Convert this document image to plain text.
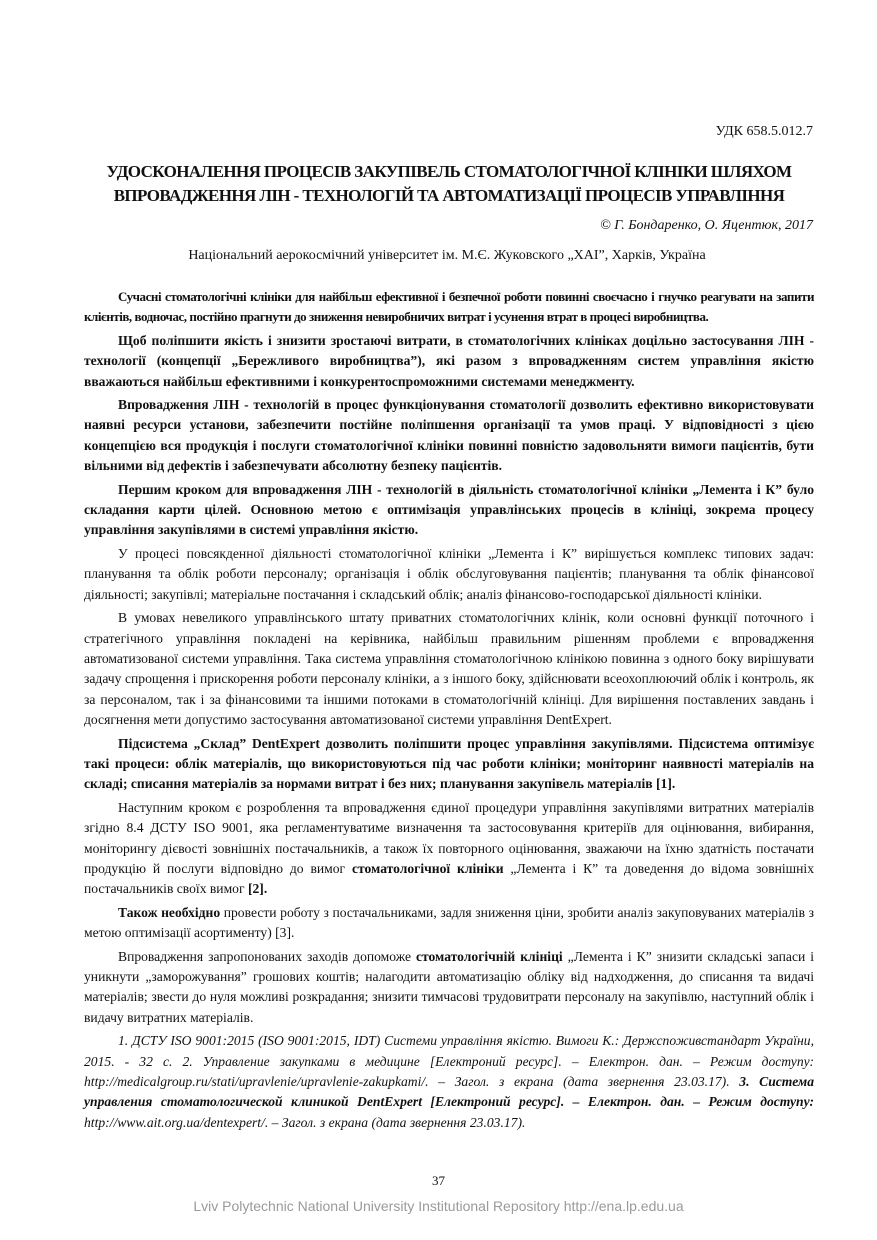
УДК 658.5.012.7
УДОСКОНАЛЕННЯ ПРОЦЕСІВ ЗАКУПІВЕЛЬ СТОМАТОЛОГІЧНОЇ КЛІНІКИ ШЛЯХОМ ВПРОВАДЖЕННЯ ЛІН - ТЕХНОЛОГІЙ ТА АВТОМАТИЗАЦІЇ ПРОЦЕСІВ УПРАВЛІННЯ
© Г. Бондаренко, О. Яцентюк, 2017
Національний аерокосмічний університет ім. М.Є. Жуковского „ХАІ”, Харків, Україна

Сучасні стоматологічні клініки для найбільш ефективної і безпечної роботи повинні своєчасно і гнучко реагувати на запити клієнтів, водночас, постійно прагнути до зниження невиробничих витрат і усунення втрат в процесі виробництва.

Щоб поліпшити якість і знизити зростаючі витрати, в стоматологічних клініках доцільно застосування ЛІН - технології (концепції „Бережливого виробництва”), які разом з впровадженням систем управління якістю вважаються найбільш ефективними і конкурентоспроможними системами менеджменту.

Впровадження ЛІН - технологій в процес функціонування стоматології дозволить ефективно використовувати наявні ресурси установи, забезпечити постійне поліпшення організації та умов праці. У відповідності з цією концепцією вся продукція і послуги стоматологічної клініки повинні повністю задовольняти вимоги пацієнтів, бути вільними від дефектів і забезпечувати абсолютну безпеку пацієнтів.

Першим кроком для впровадження ЛІН - технологій в діяльність стоматологічної клініки „Лемента і К” було складання карти цілей. Основною метою є оптимізація управлінських процесів в клініці, зокрема процесу управління закупівлями в системі управління якістю.

У процесі повсякденної діяльності стоматологічної клініки „Лемента і К” вирішується комплекс типових задач: планування та облік роботи персоналу; організація і облік обслуговування пацієнтів; планування та облік фінансової діяльності; закупівлі; матеріальне постачання і складський облік; аналіз фінансово-господарської діяльності клініки.

В умовах невеликого управлінського штату приватних стоматологічних клінік, коли основні функції поточного і стратегічного управління покладені на керівника, найбільш правильним рішенням проблеми є впровадження автоматизованої системи управління. Така система управління стоматологічною клінікою повинна з одного боку вирішувати задачу спрощення і прискорення роботи персоналу клініки, а з іншого боку, здійснювати всеохоплюючий облік і контроль, як за персоналом, так і за фінансовими та іншими потоками в стоматологічній клініці. Для вирішення поставлених завдань і досягнення мети допустимо застосування автоматизованої системи управління DentExpert.

Підсистема „Склад” DentExpert дозволить поліпшити процес управління закупівлями. Підсистема оптимізує такі процеси: облік матеріалів, що використовуються під час роботи клініки; моніторинг наявності матеріалів на складі; списання матеріалів за нормами витрат і без них; планування закупівель матеріалів [1].

Наступним кроком є розроблення та впровадження єдиної процедури управління закупівлями витратних матеріалів згідно 8.4 ДСТУ ISO 9001, яка регламентуватиме визначення та застосовування критеріїв для оцінювання, вибирання, моніторингу дієвості зовнішніх постачальників, а також їх повторного оцінювання, зважаючи на їхню здатність постачати продукцію й послуги відповідно до вимог стоматологічної клініки „Лемента і К” та доведення до відома зовнішніх постачальників своїх вимог [2].

Також необхідно провести роботу з постачальниками, задля зниження ціни, зробити аналіз закуповуваних матеріалів з метою оптимізації асортименту) [3].

Впровадження запропонованих заходів допоможе стоматологічній клініці „Лемента і К” знизити складські запаси і уникнути „заморожування” грошових коштів; налагодити автоматизацію обліку від надходження, до списання та видачі матеріалів; звести до нуля можливі розкрадання; знизити тимчасові трудовитрати персоналу на закупівлю, наступний облік і видачу витратних матеріалів.

1. ДСТУ ISO 9001:2015 (ISO 9001:2015, IDT) Системи управління якістю. Вимоги К.: Держспоживстандарт України, 2015. - 32 с. 2. Управление закупками в медицине [Електроний ресурс]. – Електрон. дан. – Режим доступу: http://medicalgroup.ru/stati/upravlenie/upravlenie-zakupkami/. – Загол. з екрана (дата звернення 23.03.17). 3. Система управления стоматологической клиникой DentExpert [Електроний ресурс]. – Електрон. дан. – Режим доступу: http://www.ait.org.ua/dentexpert/. – Загол. з екрана (дата звернення 23.03.17).

37
Lviv Polytechnic National University Institutional Repository http://ena.lp.edu.ua
